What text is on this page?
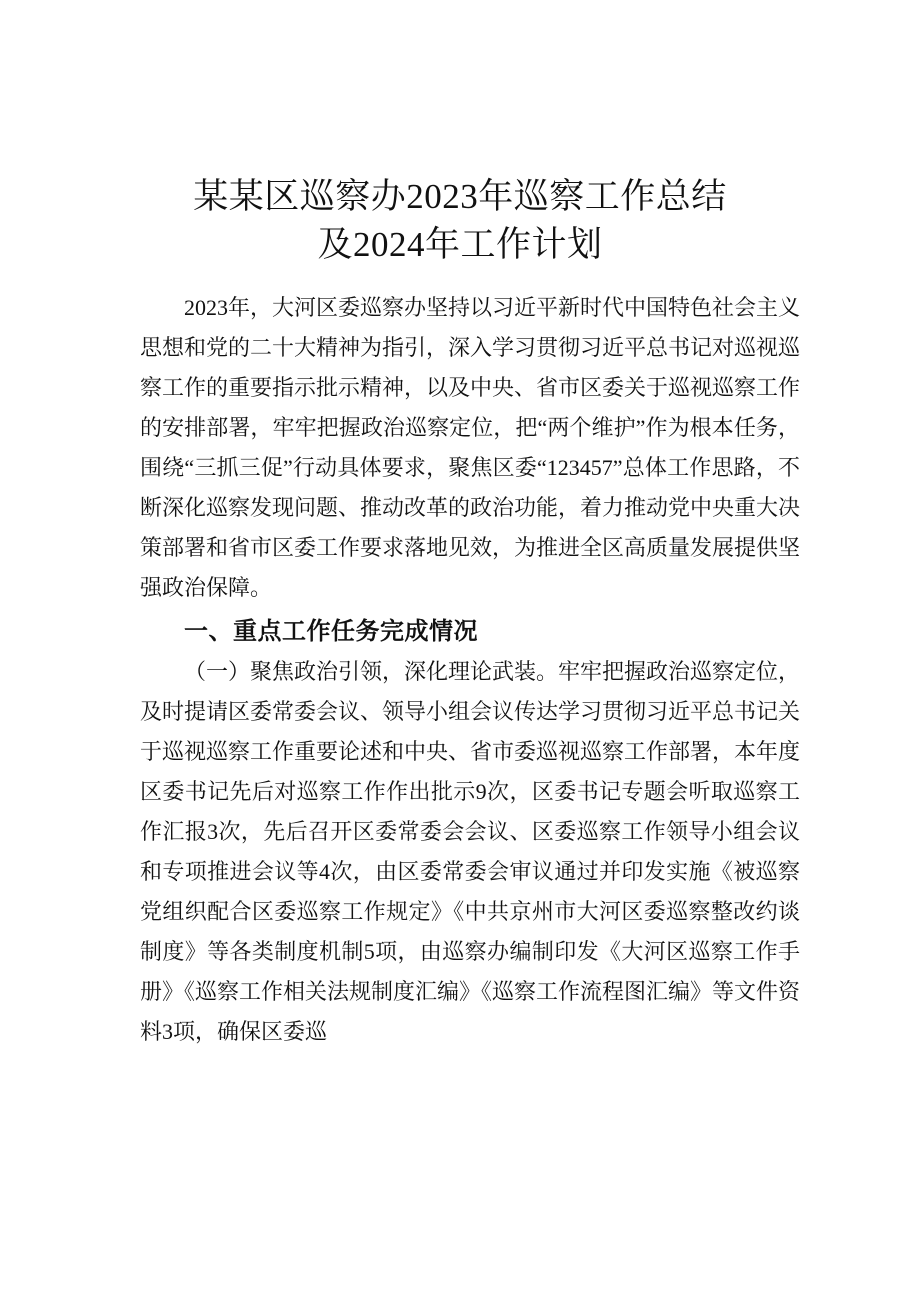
某某区巡察办2023年巡察工作总结
及2024年工作计划

2023年，大河区委巡察办坚持以习近平新时代中国特色社会主义思想和党的二十大精神为指引，深入学习贯彻习近平总书记对巡视巡察工作的重要指示批示精神，以及中央、省市区委关于巡视巡察工作的安排部署，牢牢把握政治巡察定位，把“两个维护”作为根本任务，围绕“三抓三促”行动具体要求，聚焦区委“123457”总体工作思路，不断深化巡察发现问题、推动改革的政治功能，着力推动党中央重大决策部署和省市区委工作要求落地见效，为推进全区高质量发展提供坚强政治保障。

一、重点工作任务完成情况

（一）聚焦政治引领，深化理论武装。牢牢把握政治巡察定位，及时提请区委常委会议、领导小组会议传达学习贯彻习近平总书记关于巡视巡察工作重要论述和中央、省市委巡视巡察工作部署，本年度区委书记先后对巡察工作作出批示9次，区委书记专题会听取巡察工作汇报3次，先后召开区委常委会会议、区委巡察工作领导小组会议和专项推进会议等4次，由区委常委会审议通过并印发实施《被巡察党组织配合区委巡察工作规定》《中共京州市大河区委巡察整改约谈制度》等各类制度机制5项，由巡察办编制印发《大河区巡察工作手册》《巡察工作相关法规制度汇编》《巡察工作流程图汇编》等文件资料3项，确保区委巡
